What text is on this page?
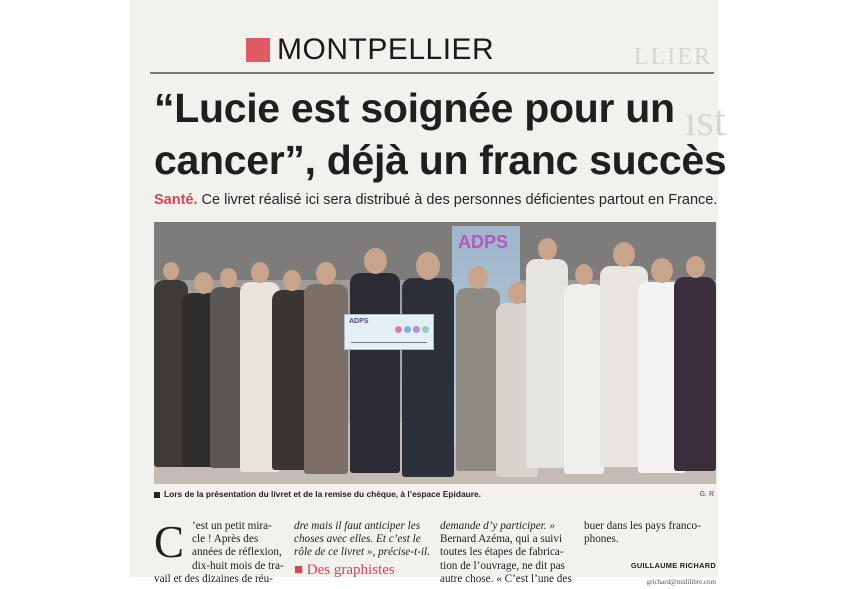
LLIER
ıst
MONTPELLIER
“Lucie est soignée pour un
cancer”, déjà un franc succès
Santé. Ce livret réalisé ici sera distribué à des personnes déficientes partout en France.
ADPS
ADPS
Lors de la présentation du livret et de la remise du chèque, à l’espace Epidaure.	G. R
C ’est un petit mira-
cle ! Après des
années de réflexion,
dix-huit mois de tra-
vail et des dizaines de réu-
dre mais il faut anticiper les
choses avec elles. Et c’est le
rôle de ce livret », précise-t-il.
■ Des graphistes
demande d’y participer. »
Bernard Azéma, qui a suivi
toutes les étapes de fabrica-
tion de l’ouvrage, ne dit pas
autre chose. « C’est l’une des
buer dans les pays franco-
phones.
GUILLAUME RICHARD
grichard@midilibre.com
